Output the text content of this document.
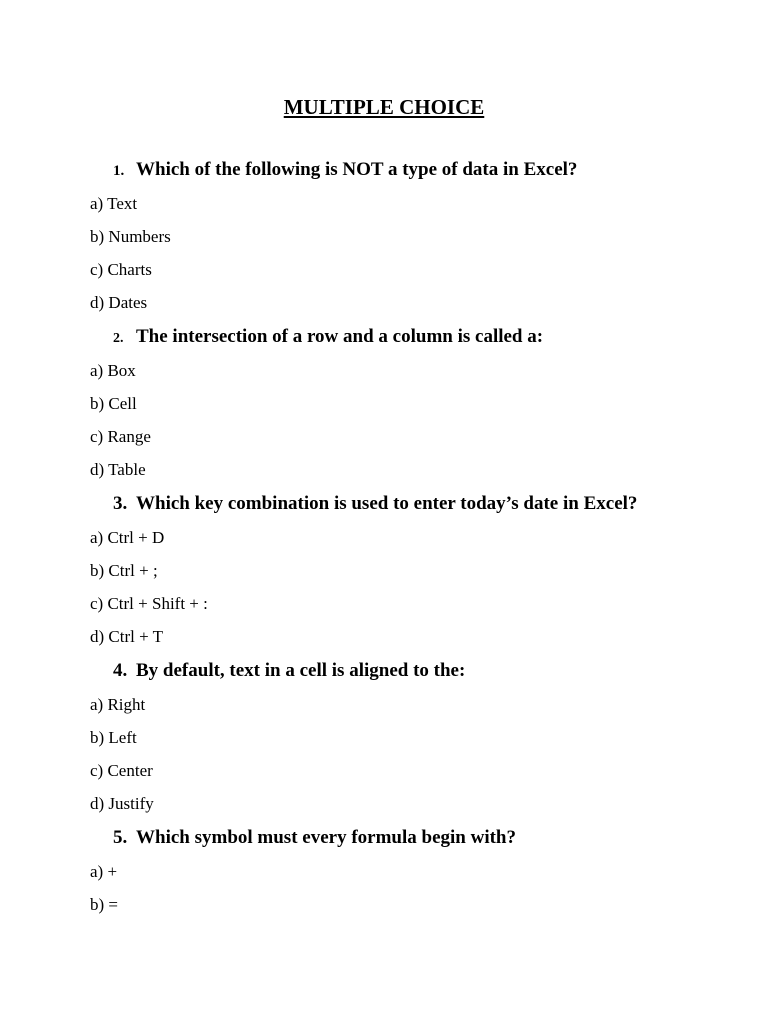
MULTIPLE CHOICE
1. Which of the following is NOT a type of data in Excel?
a) Text
b) Numbers
c) Charts
d) Dates
2. The intersection of a row and a column is called a:
a) Box
b) Cell
c) Range
d) Table
3. Which key combination is used to enter today’s date in Excel?
a) Ctrl + D
b) Ctrl + ;
c) Ctrl + Shift + :
d) Ctrl + T
4. By default, text in a cell is aligned to the:
a) Right
b) Left
c) Center
d) Justify
5. Which symbol must every formula begin with?
a) +
b) =
